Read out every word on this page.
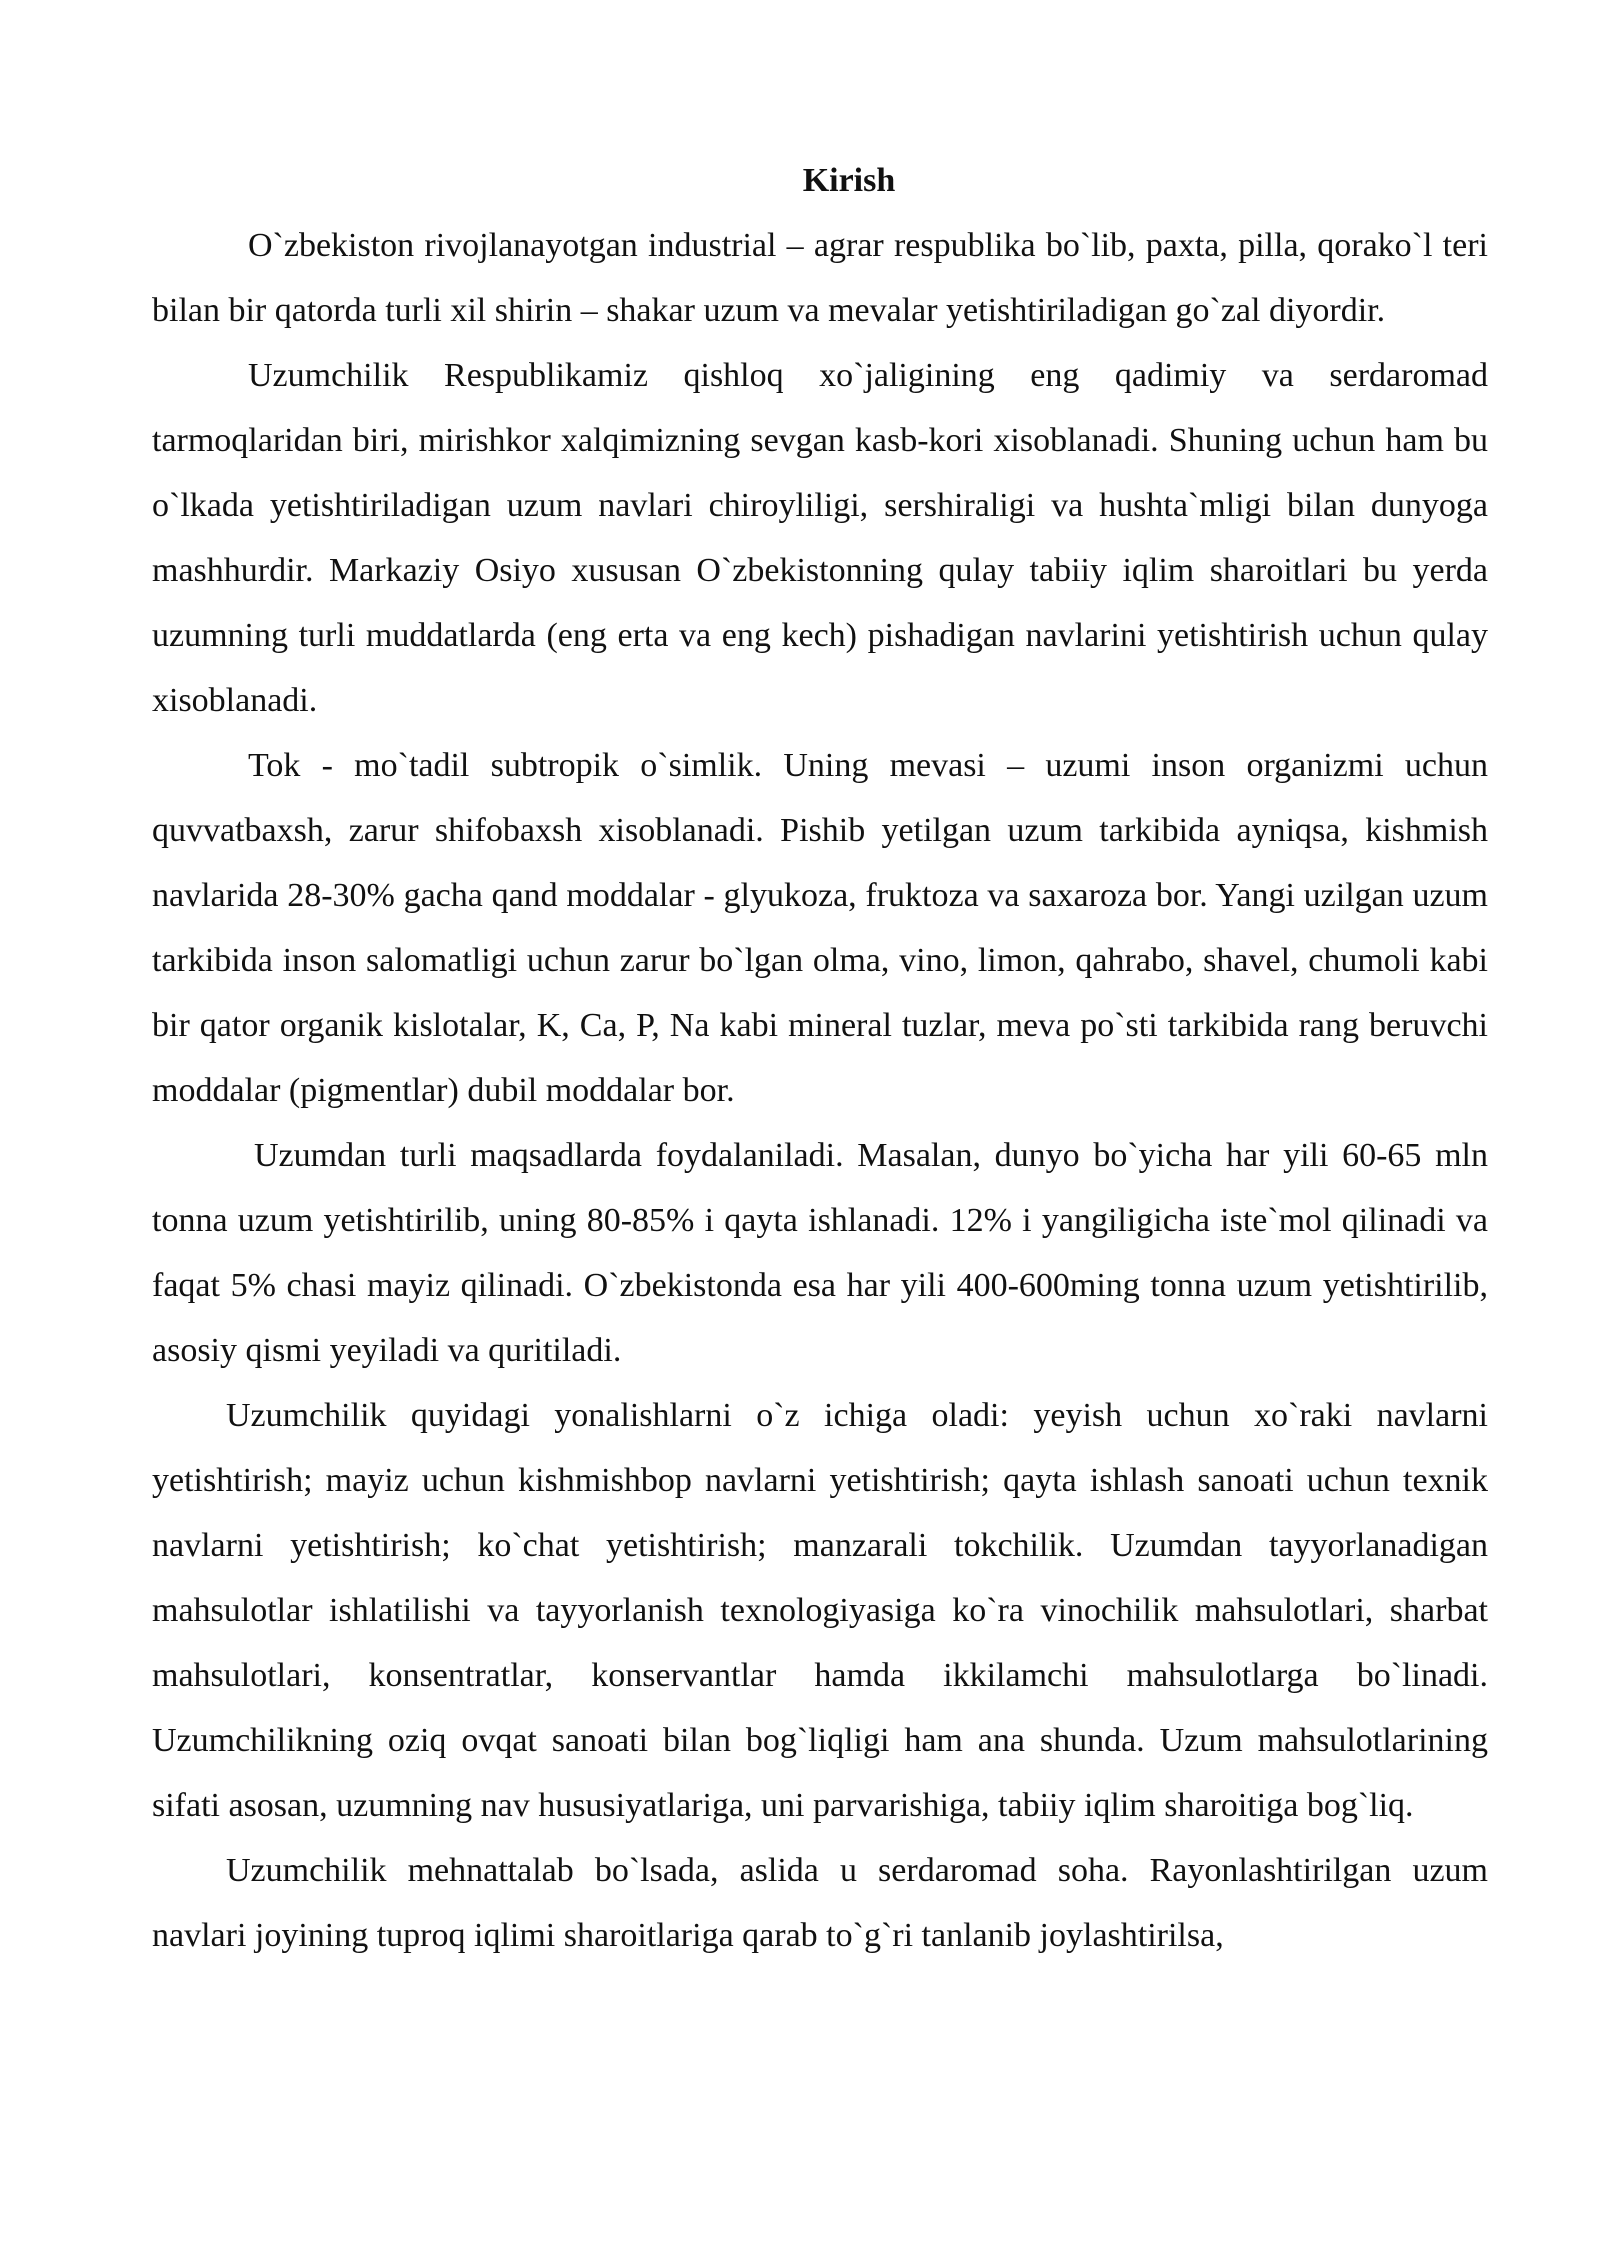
Kirish

O`zbekiston rivojlanayotgan industrial – agrar respublika bo`lib, paxta, pilla, qorako`l teri bilan bir qatorda turli xil shirin – shakar uzum va mevalar yetishtiriladigan go`zal diyordir.

Uzumchilik Respublikamiz qishloq xo`jaligining eng qadimiy va serdaromad tarmoqlaridan biri, mirishkor xalqimizning sevgan kasb-kori xisoblanadi. Shuning uchun ham bu o`lkada yetishtiriladigan uzum navlari chiroyliligi, sershiraligi va hushta`mligi bilan dunyoga mashhurdir. Markaziy Osiyo xususan O`zbekistonning qulay tabiiy iqlim sharoitlari bu yerda uzumning turli muddatlarda (eng erta va eng kech) pishadigan navlarini yetishtirish uchun qulay xisoblanadi.

Tok - mo`tadil subtropik o`simlik. Uning mevasi – uzumi inson organizmi uchun quvvatbaxsh, zarur shifobaxsh xisoblanadi. Pishib yetilgan uzum tarkibida ayniqsa, kishmish navlarida 28-30% gacha qand moddalar - glyukoza, fruktoza va saxaroza bor. Yangi uzilgan uzum tarkibida inson salomatligi uchun zarur bo`lgan olma, vino, limon, qahrabo, shavel, chumoli kabi bir qator organik kislotalar, K, Ca, P, Na kabi mineral tuzlar, meva po`sti tarkibida rang beruvchi moddalar (pigmentlar) dubil moddalar bor.

Uzumdan turli maqsadlarda foydalaniladi. Masalan, dunyo bo`yicha har yili 60-65 mln tonna uzum yetishtirilib, uning 80-85% i qayta ishlanadi. 12% i yangiligicha iste`mol qilinadi va faqat 5% chasi mayiz qilinadi. O`zbekistonda esa har yili 400-600ming tonna uzum yetishtirilib, asosiy qismi yeyiladi va quritiladi.

Uzumchilik quyidagi yonalishlarni o`z ichiga oladi: yeyish uchun xo`raki navlarni yetishtirish; mayiz uchun kishmishbop navlarni yetishtirish; qayta ishlash sanoati uchun texnik navlarni yetishtirish; ko`chat yetishtirish; manzarali tokchilik. Uzumdan tayyorlanadigan mahsulotlar ishlatilishi va tayyorlanish texnologiyasiga ko`ra vinochilik mahsulotlari, sharbat mahsulotlari, konsentratlar, konservantlar hamda ikkilamchi mahsulotlarga bo`linadi. Uzumchilikning oziq ovqat sanoati bilan bog`liqligi ham ana shunda. Uzum mahsulotlarining sifati asosan, uzumning nav hususiyatlariga, uni parvarishiga, tabiiy iqlim sharoitiga bog`liq.

Uzumchilik mehnattalab bo`lsada, aslida u serdaromad soha. Rayonlashtirilgan uzum navlari joyining tuproq iqlimi sharoitlariga qarab to`g`ri tanlanib joylashtirilsa,
